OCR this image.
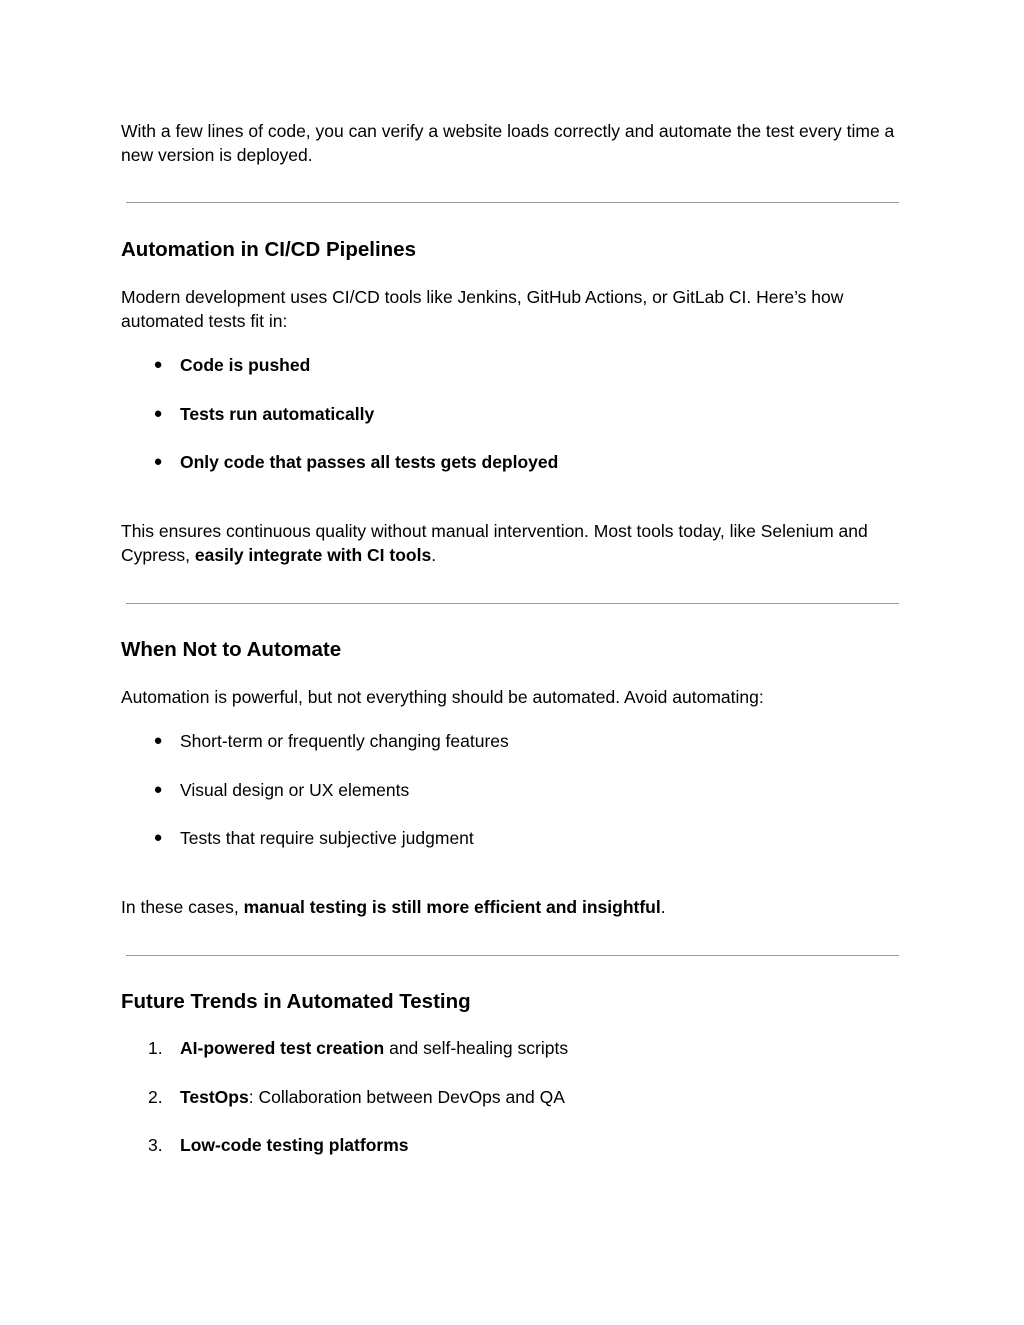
With a few lines of code, you can verify a website loads correctly and automate the test every time a new version is deployed.

Automation in CI/CD Pipelines

Modern development uses CI/CD tools like Jenkins, GitHub Actions, or GitLab CI. Here’s how automated tests fit in:

● Code is pushed
● Tests run automatically
● Only code that passes all tests gets deployed

This ensures continuous quality without manual intervention. Most tools today, like Selenium and Cypress, easily integrate with CI tools.

When Not to Automate

Automation is powerful, but not everything should be automated. Avoid automating:

● Short-term or frequently changing features
● Visual design or UX elements
● Tests that require subjective judgment

In these cases, manual testing is still more efficient and insightful.

Future Trends in Automated Testing
1. AI-powered test creation and self-healing scripts
2. TestOps: Collaboration between DevOps and QA
3. Low-code testing platforms
